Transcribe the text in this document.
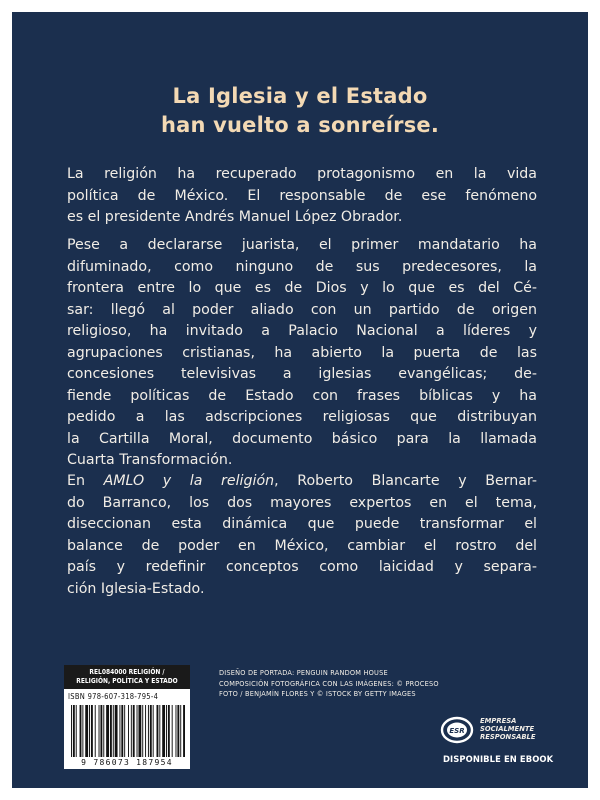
La Iglesia y el Estado
han vuelto a sonreírse.
La religión ha recuperado protagonismo en la vida
política de México. El responsable de ese fenómeno
es el presidente Andrés Manuel López Obrador.
Pese a declararse juarista, el primer mandatario ha
difuminado, como ninguno de sus predecesores, la
frontera entre lo que es de Dios y lo que es del Cé-
sar: llegó al poder aliado con un partido de origen
religioso, ha invitado a Palacio Nacional a líderes y
agrupaciones cristianas, ha abierto la puerta de las
concesiones televisivas a iglesias evangélicas; de-
fiende políticas de Estado con frases bíblicas y ha
pedido a las adscripciones religiosas que distribuyan
la Cartilla Moral, documento básico para la llamada
Cuarta Transformación.
En AMLO y la religión, Roberto Blancarte y Bernar-
do Barranco, los dos mayores expertos en el tema,
diseccionan esta dinámica que puede transformar el
balance de poder en México, cambiar el rostro del
país y redefinir conceptos como laicidad y separa-
ción Iglesia-Estado.
REL084000 RELIGIÓN /
RELIGIÓN, POLÍTICA Y ESTADO
ISBN 978-607-318-795-4
9 786073 187954
DISEÑO DE PORTADA: PENGUIN RANDOM HOUSE
COMPOSICIÓN FOTOGRÁFICA CON LAS IMÁGENES: © PROCESO
FOTO / BENJAMÍN FLORES Y © ISTOCK BY GETTY IMAGES
ESR
EMPRESA
SOCIALMENTE
RESPONSABLE
DISPONIBLE EN EBOOK
